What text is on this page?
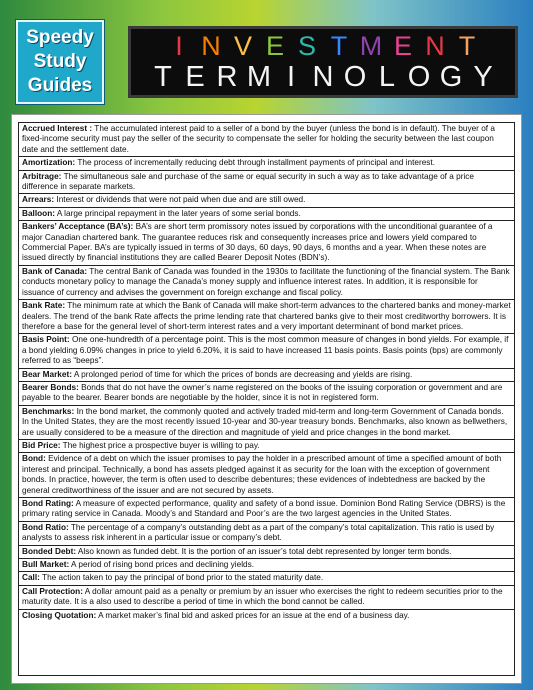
Speedy
Study
Guides
I N V E S T M E N T
T E R M I N O L O G Y
Accrued Interest : The accumulated interest paid to a seller of a bond by the buyer (unless the bond is in default). The buyer of a fixed-income security must pay the seller of the security to compensate the seller for holding the security between the last coupon date and the settlement date.
Amortization: The process of incrementally reducing debt through installment payments of principal and interest.
Arbitrage: The simultaneous sale and purchase of the same or equal security in such a way as to take advantage of a price difference in separate markets.
Arrears: Interest or dividends that were not paid when due and are still owed.
Balloon: A large principal repayment in the later years of some serial bonds.
Bankers’ Acceptance (BA’s): BA’s are short term promissory notes issued by corporations with the unconditional guarantee of a major Canadian chartered bank. The guarantee reduces risk and consequently increases price and lowers yield compared to Commercial Paper. BA’s are typically issued in terms of 30 days, 60 days, 90 days, 6 months and a year. When these notes are issued directly by financial institutions they are called Bearer Deposit Notes (BDN’s).
Bank of Canada: The central Bank of Canada was founded in the 1930s to facilitate the functioning of the financial system. The Bank conducts monetary policy to manage the Canada’s money supply and influence interest rates. In addition, it is responsible for issuance of currency and advises the government on foreign exchange and fiscal policy.
Bank Rate: The minimum rate at which the Bank of Canada will make short-term advances to the chartered banks and money-market dealers. The trend of the bank Rate affects the prime lending rate that chartered banks give to their most creditworthy borrowers. It is therefore a base for the general level of short-term interest rates and a very important determinant of bond market prices.
Basis Point: One one-hundredth of a percentage point. This is the most common measure of changes in bond yields. For example, if a bond yielding 6.09% changes in price to yield 6.20%, it is said to have increased 11 basis points. Basis points (bps) are commonly referred to as “beeps”.
Bear Market: A prolonged period of time for which the prices of bonds are decreasing and yields are rising.
Bearer Bonds: Bonds that do not have the owner’s name registered on the books of the issuing corporation or government and are payable to the bearer. Bearer bonds are negotiable by the holder, since it is not in registered form.
Benchmarks: In the bond market, the commonly quoted and actively traded mid-term and long-term Government of Canada bonds. In the United States, they are the most recently issued 10-year and 30-year treasury bonds. Benchmarks, also known as bellwethers, are usually considered to be a measure of the direction and magnitude of yield and price changes in the bond market.
Bid Price: The highest price a prospective buyer is willing to pay.
Bond: Evidence of a debt on which the issuer promises to pay the holder in a prescribed amount of time a specified amount of both interest and principal. Technically, a bond has assets pledged against it as security for the loan with the exception of government bonds. In practice, however, the term is often used to describe debentures; these evidences of indebtedness are backed by the general creditworthiness of the issuer and are not secured by assets.
Bond Rating: A measure of expected performance, quality and safety of a bond issue. Dominion Bond Rating Service (DBRS) is the primary rating service in Canada. Moody’s and Standard and Poor’s are the two largest agencies in the United States.
Bond Ratio: The percentage of a company’s outstanding debt as a part of the company’s total capitalization. This ratio is used by analysts to assess risk inherent in a particular issue or company’s debt.
Bonded Debt: Also known as funded debt. It is the portion of an issuer’s total debt represented by longer term bonds.
Bull Market: A period of rising bond prices and declining yields.
Call: The action taken to pay the principal of bond prior to the stated maturity date.
Call Protection: A dollar amount paid as a penalty or premium by an issuer who exercises the right to redeem securities prior to the maturity date. It is a also used to describe a period of time in which the bond cannot be called.
Closing Quotation: A market maker’s final bid and asked prices for an issue at the end of a business day.
